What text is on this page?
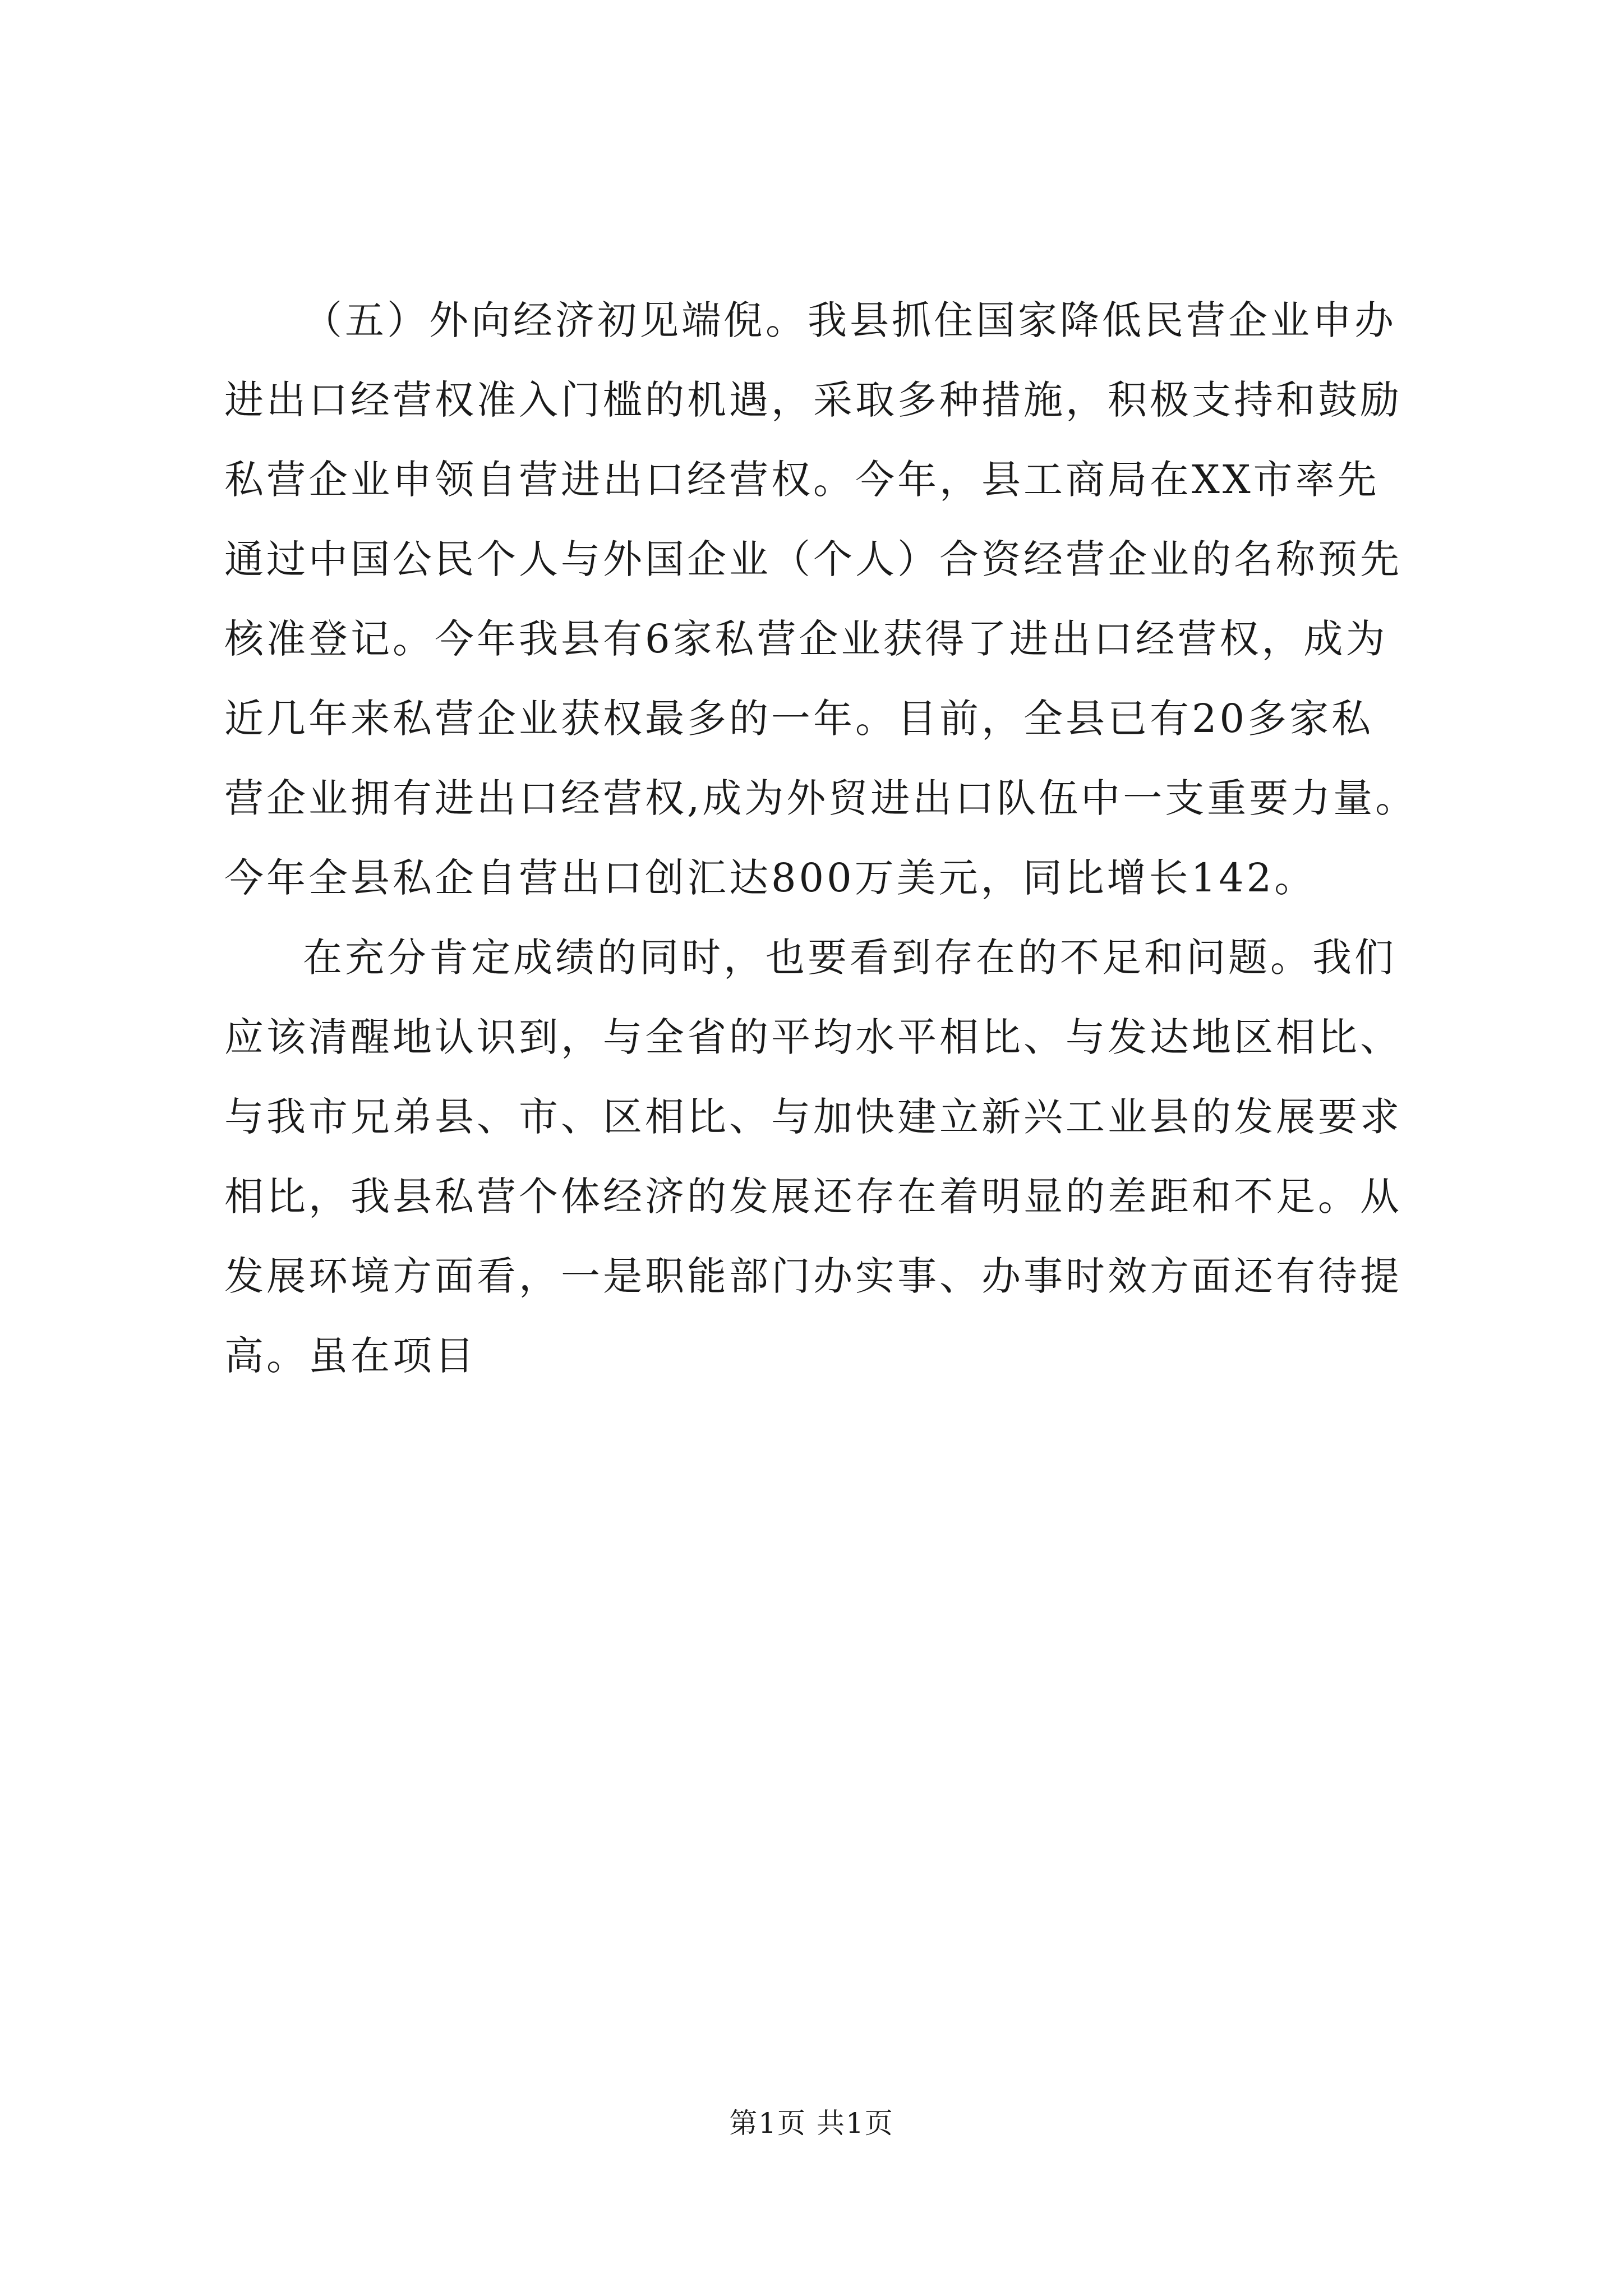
（五）外向经济初见端倪。我县抓住国家降低民营企业申办
进出口经营权准入门槛的机遇，采取多种措施，积极支持和鼓励
私营企业申领自营进出口经营权。今年，县工商局在XX市率先
通过中国公民个人与外国企业（个人）合资经营企业的名称预先
核准登记。今年我县有6家私营企业获得了进出口经营权，成为
近几年来私营企业获权最多的一年。目前，全县已有20多家私
营企业拥有进出口经营权,成为外贸进出口队伍中一支重要力量。
今年全县私企自营出口创汇达800万美元，同比增长142。
在充分肯定成绩的同时，也要看到存在的不足和问题。我们
应该清醒地认识到，与全省的平均水平相比、与发达地区相比、
与我市兄弟县、市、区相比、与加快建立新兴工业县的发展要求
相比，我县私营个体经济的发展还存在着明显的差距和不足。从
发展环境方面看，一是职能部门办实事、办事时效方面还有待提
高。虽在项目
第1页 共1页
